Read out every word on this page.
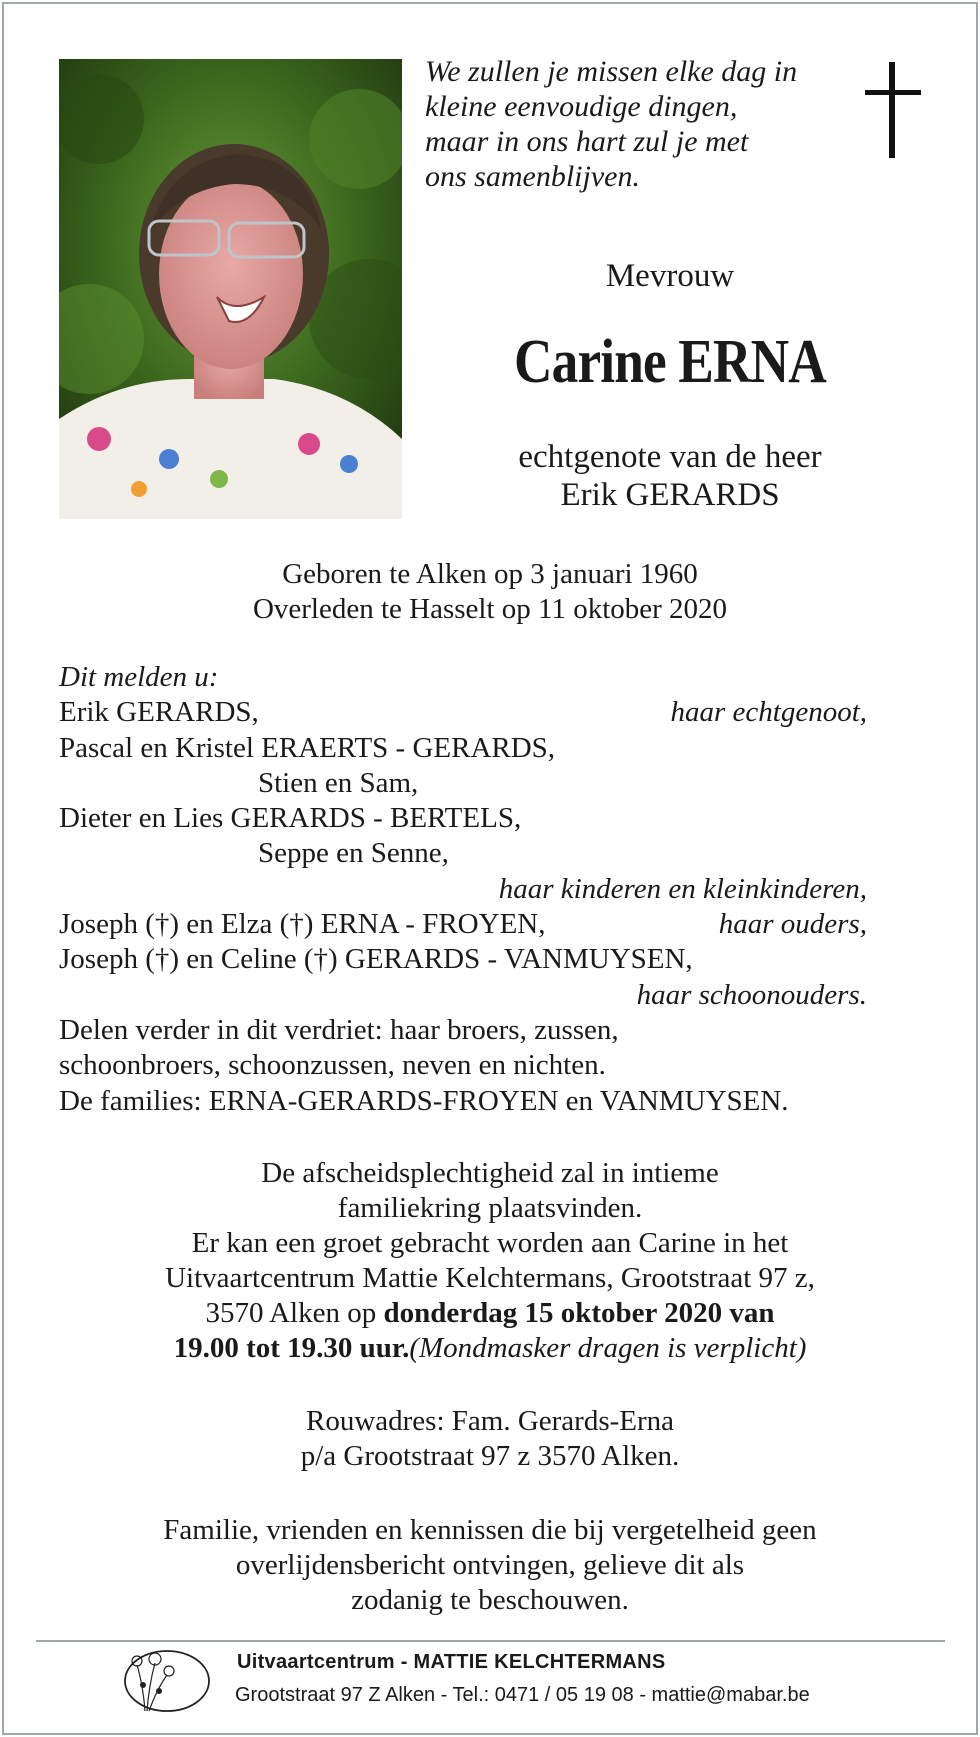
We zullen je missen elke dag in
kleine eenvoudige dingen,
maar in ons hart zul je met
ons samenblijven.
Mevrouw
Carine ERNA
echtgenote van de heer
Erik GERARDS
Geboren te Alken op 3 januari 1960
Overleden te Hasselt op 11 oktober 2020
Dit melden u:
Erik GERARDS,	haar echtgenoot,
Pascal en Kristel ERAERTS - GERARDS,
Stien en Sam,
Dieter en Lies GERARDS - BERTELS,
Seppe en Senne,
haar kinderen en kleinkinderen,
Joseph (†) en Elza (†) ERNA - FROYEN,	haar ouders,
Joseph (†) en Celine (†) GERARDS - VANMUYSEN,
haar schoonouders.
Delen verder in dit verdriet: haar broers, zussen,
schoonbroers, schoonzussen, neven en nichten.
De families: ERNA-GERARDS-FROYEN en VANMUYSEN.
De afscheidsplechtigheid zal in intieme
familiekring plaatsvinden.
Er kan een groet gebracht worden aan Carine in het
Uitvaartcentrum Mattie Kelchtermans, Grootstraat 97 z,
3570 Alken op donderdag 15 oktober 2020 van
19.00 tot 19.30 uur.(Mondmasker dragen is verplicht)
Rouwadres: Fam. Gerards-Erna
p/a Grootstraat 97 z 3570 Alken.
Familie, vrienden en kennissen die bij vergetelheid geen
overlijdensbericht ontvingen, gelieve dit als
zodanig te beschouwen.
Uitvaartcentrum - MATTIE KELCHTERMANS
Grootstraat 97 Z Alken - Tel.: 0471 / 05 19 08 - mattie@mabar.be
